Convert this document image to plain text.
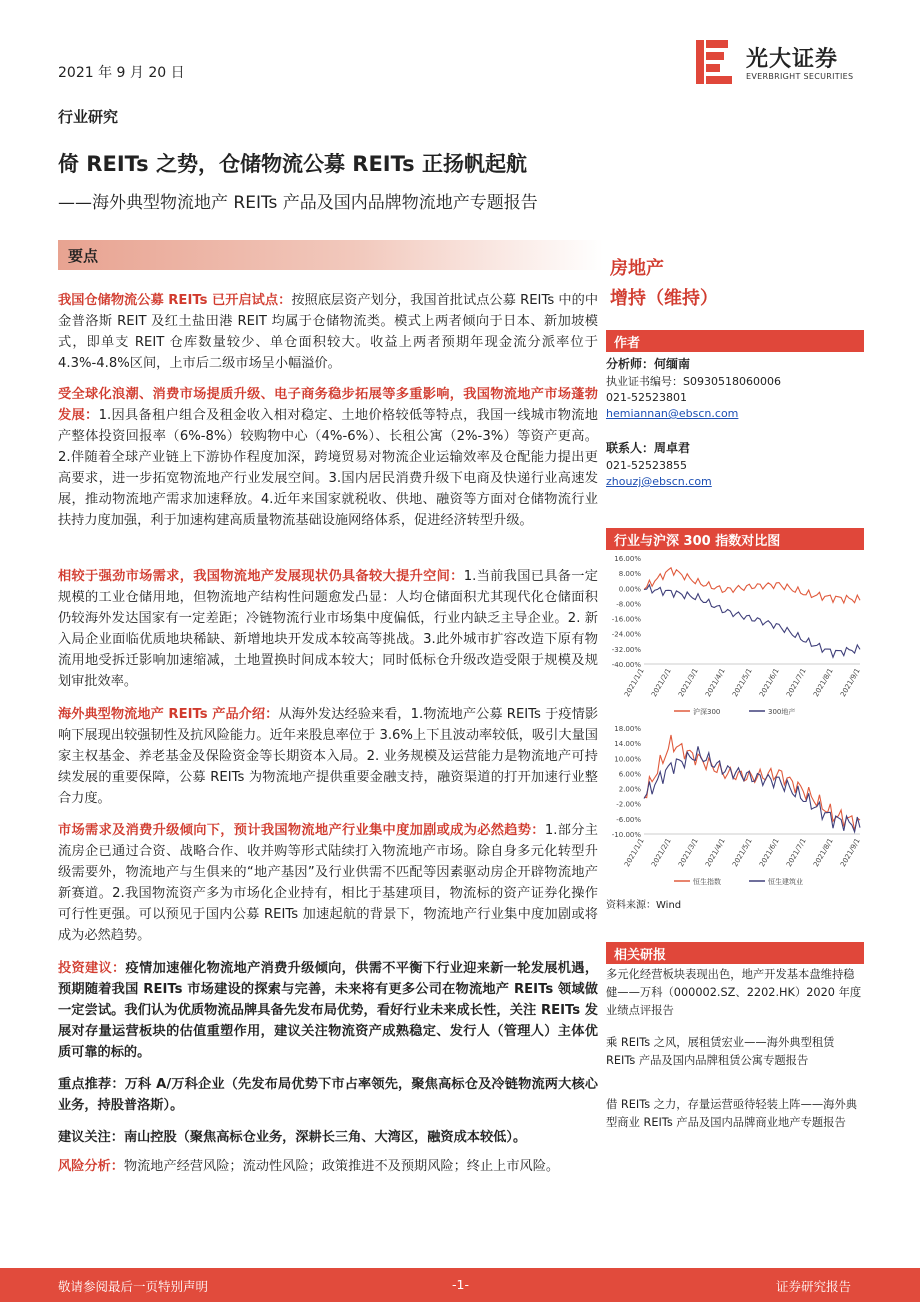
2021 年 9 月 20 日
光大证券
EVERBRIGHT SECURITIES
行业研究
倚 REITs 之势，仓储物流公募 REITs 正扬帆起航
——海外典型物流地产 REITs 产品及国内品牌物流地产专题报告
要点
我国仓储物流公募 REITs 已开启试点：按照底层资产划分，我国首批试点公募 REITs 中的中金普洛斯 REIT 及红土盐田港 REIT 均属于仓储物流类。模式上两者倾向于日本、新加坡模式，即单支 REIT 仓库数量较少、单仓面积较大。收益上两者预期年现金流分派率位于 4.3%-4.8%区间，上市后二级市场呈小幅溢价。
受全球化浪潮、消费市场提质升级、电子商务稳步拓展等多重影响，我国物流地产市场蓬勃发展：1.因具备租户组合及租金收入相对稳定、土地价格较低等特点，我国一线城市物流地产整体投资回报率（6%-8%）较购物中心（4%-6%）、长租公寓（2%-3%）等资产更高。2.伴随着全球产业链上下游协作程度加深，跨境贸易对物流企业运输效率及仓配能力提出更高要求，进一步拓宽物流地产行业发展空间。3.国内居民消费升级下电商及快递行业高速发展，推动物流地产需求加速释放。4.近年来国家就税收、供地、融资等方面对仓储物流行业扶持力度加强，利于加速构建高质量物流基础设施网络体系，促进经济转型升级。
相较于强劲市场需求，我国物流地产发展现状仍具备较大提升空间：1.当前我国已具备一定规模的工业仓储用地，但物流地产结构性问题愈发凸显：人均仓储面积尤其现代化仓储面积仍较海外发达国家有一定差距；冷链物流行业市场集中度偏低，行业内缺乏主导企业。2. 新入局企业面临优质地块稀缺、新增地块开发成本较高等挑战。3.此外城市扩容改造下原有物流用地受拆迁影响加速缩减，土地置换时间成本较大；同时低标仓升级改造受限于规模及规划审批效率。
海外典型物流地产 REITs 产品介绍：从海外发达经验来看，1.物流地产公募 REITs 于疫情影响下展现出较强韧性及抗风险能力。近年来股息率位于 3.6%上下且波动率较低，吸引大量国家主权基金、养老基金及保险资金等长期资本入局。2. 业务规模及运营能力是物流地产可持续发展的重要保障，公募 REITs 为物流地产提供重要金融支持，融资渠道的打开加速行业整合力度。
市场需求及消费升级倾向下，预计我国物流地产行业集中度加剧或成为必然趋势：1.部分主流房企已通过合资、战略合作、收并购等形式陆续打入物流地产市场。除自身多元化转型升级需要外，物流地产与生俱来的“地产基因”及行业供需不匹配等因素驱动房企开辟物流地产新赛道。2.我国物流资产多为市场化企业持有，相比于基建项目，物流标的资产证券化操作可行性更强。可以预见于国内公募 REITs 加速起航的背景下，物流地产行业集中度加剧或将成为必然趋势。
投资建议：疫情加速催化物流地产消费升级倾向，供需不平衡下行业迎来新一轮发展机遇，预期随着我国 REITs 市场建设的探索与完善，未来将有更多公司在物流地产 REITs 领域做一定尝试。我们认为优质物流品牌具备先发布局优势，看好行业未来成长性，关注 REITs 发展对存量运营板块的估值重塑作用，建议关注物流资产成熟稳定、发行人（管理人）主体优质可靠的标的。
重点推荐：万科 A/万科企业（先发布局优势下市占率领先，聚焦高标仓及冷链物流两大核心业务，持股普洛斯）。
建议关注：南山控股（聚焦高标仓业务，深耕长三角、大湾区，融资成本较低）。
风险分析：物流地产经营风险；流动性风险；政策推进不及预期风险；终止上市风险。
房地产
增持（维持）
作者
分析师：何缅南
执业证书编号：S0930518060006
021-52523801
hemiannan@ebscn.com
联系人：周卓君
021-52523855
zhouzj@ebscn.com
行业与沪深 300 指数对比图
16.00%
8.00%
0.00%
-8.00%
-16.00%
-24.00%
-32.00%
-40.00%
2021/1/1 2021/2/1 2021/3/1 2021/4/1 2021/5/1 2021/6/1 2021/7/1 2021/8/1 2021/9/1
沪深300	300地产
18.00%
14.00%
10.00%
6.00%
2.00%
-2.00%
-6.00%
-10.00%
2021/1/1 2021/2/1 2021/3/1 2021/4/1 2021/5/1 2021/6/1 2021/7/1 2021/8/1 2021/9/1
恒生指数	恒生建筑业
资料来源：Wind
相关研报
多元化经营板块表现出色，地产开发基本盘维持稳健——万科（000002.SZ、2202.HK）2020 年度业绩点评报告
乘 REITs 之风，展租赁宏业——海外典型租赁 REITs 产品及国内品牌租赁公寓专题报告
借 REITs 之力，存量运营亟待轻装上阵——海外典型商业 REITs 产品及国内品牌商业地产专题报告
敬请参阅最后一页特别声明	-1-	证券研究报告
